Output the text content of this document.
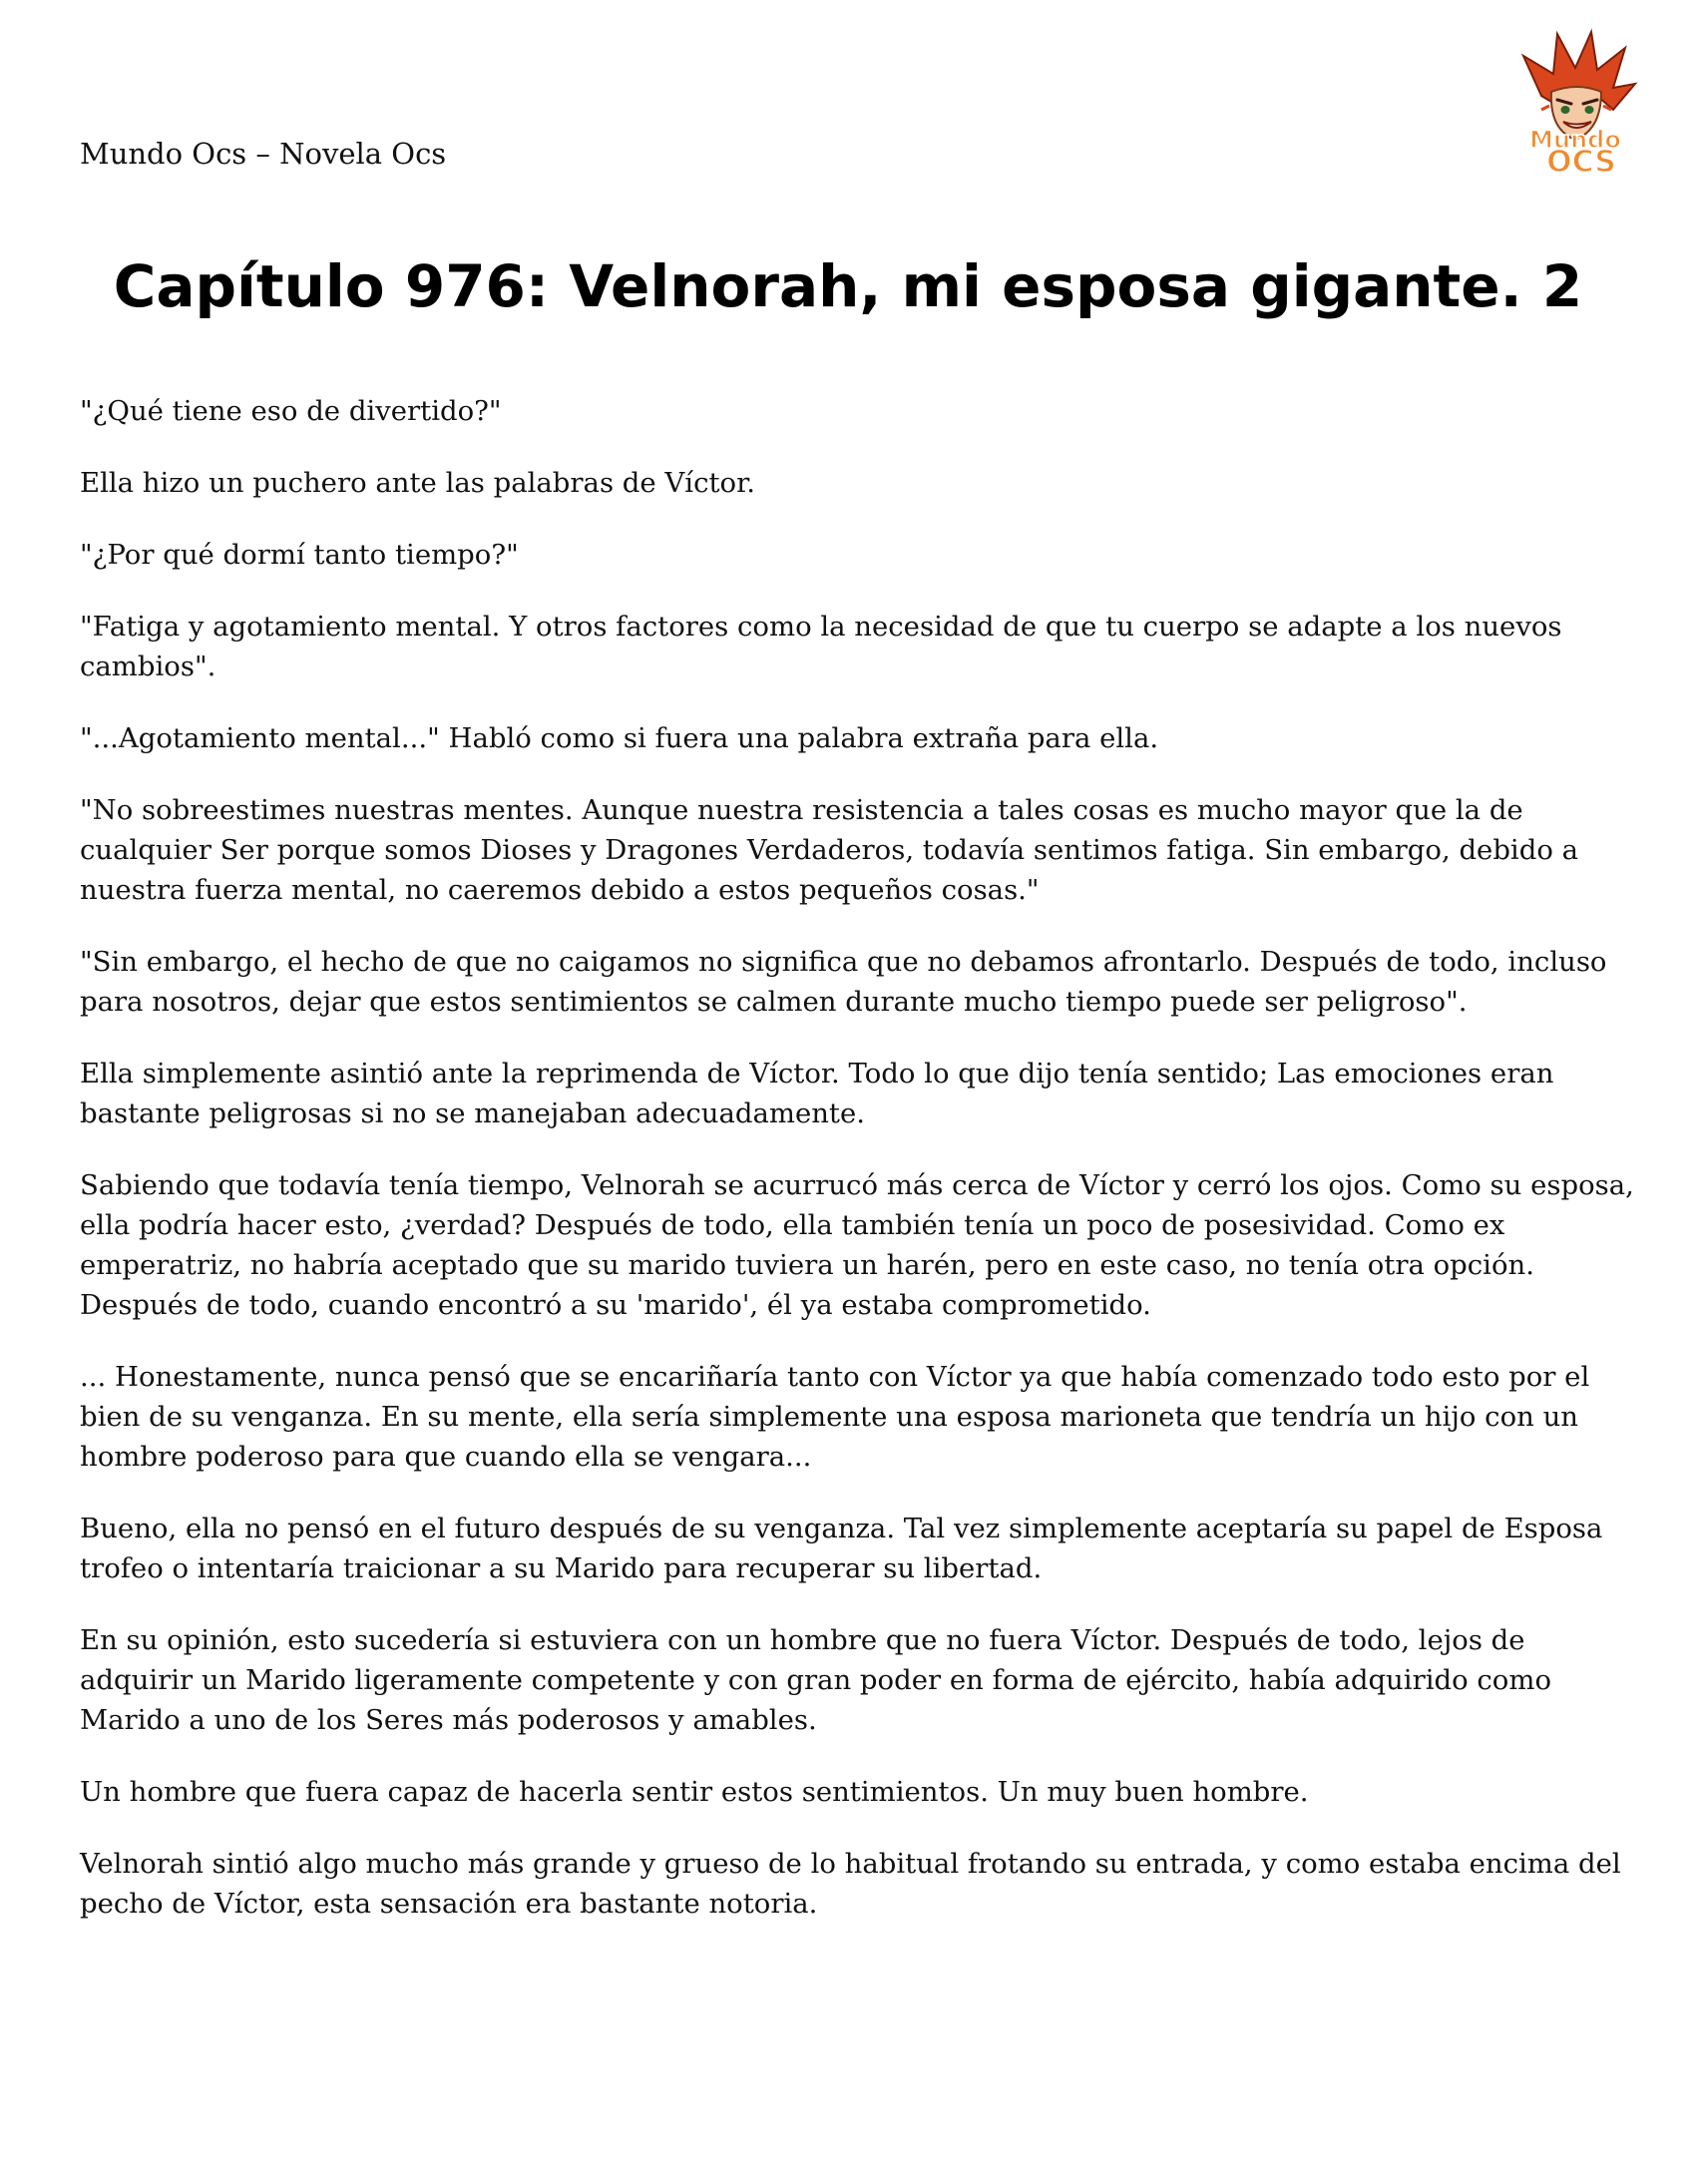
Mundo Ocs – Novela Ocs	Mundo
OCS
Capítulo 976: Velnorah, mi esposa gigante. 2

"¿Qué tiene eso de divertido?"

Ella hizo un puchero ante las palabras de Víctor.

"¿Por qué dormí tanto tiempo?"

"Fatiga y agotamiento mental. Y otros factores como la necesidad de que tu cuerpo se adapte a los nuevos cambios".

"...Agotamiento mental..." Habló como si fuera una palabra extraña para ella.

"No sobreestimes nuestras mentes. Aunque nuestra resistencia a tales cosas es mucho mayor que la de cualquier Ser porque somos Dioses y Dragones Verdaderos, todavía sentimos fatiga. Sin embargo, debido a nuestra fuerza mental, no caeremos debido a estos pequeños cosas."

"Sin embargo, el hecho de que no caigamos no significa que no debamos afrontarlo. Después de todo, incluso para nosotros, dejar que estos sentimientos se calmen durante mucho tiempo puede ser peligroso".

Ella simplemente asintió ante la reprimenda de Víctor. Todo lo que dijo tenía sentido; Las emociones eran bastante peligrosas si no se manejaban adecuadamente.

Sabiendo que todavía tenía tiempo, Velnorah se acurrucó más cerca de Víctor y cerró los ojos. Como su esposa, ella podría hacer esto, ¿verdad? Después de todo, ella también tenía un poco de posesividad. Como ex emperatriz, no habría aceptado que su marido tuviera un harén, pero en este caso, no tenía otra opción. Después de todo, cuando encontró a su 'marido', él ya estaba comprometido.

... Honestamente, nunca pensó que se encariñaría tanto con Víctor ya que había comenzado todo esto por el bien de su venganza. En su mente, ella sería simplemente una esposa marioneta que tendría un hijo con un hombre poderoso para que cuando ella se vengara...

Bueno, ella no pensó en el futuro después de su venganza. Tal vez simplemente aceptaría su papel de Esposa trofeo o intentaría traicionar a su Marido para recuperar su libertad.

En su opinión, esto sucedería si estuviera con un hombre que no fuera Víctor. Después de todo, lejos de adquirir un Marido ligeramente competente y con gran poder en forma de ejército, había adquirido como Marido a uno de los Seres más poderosos y amables.

Un hombre que fuera capaz de hacerla sentir estos sentimientos. Un muy buen hombre.

Velnorah sintió algo mucho más grande y grueso de lo habitual frotando su entrada, y como estaba encima del pecho de Víctor, esta sensación era bastante notoria.
